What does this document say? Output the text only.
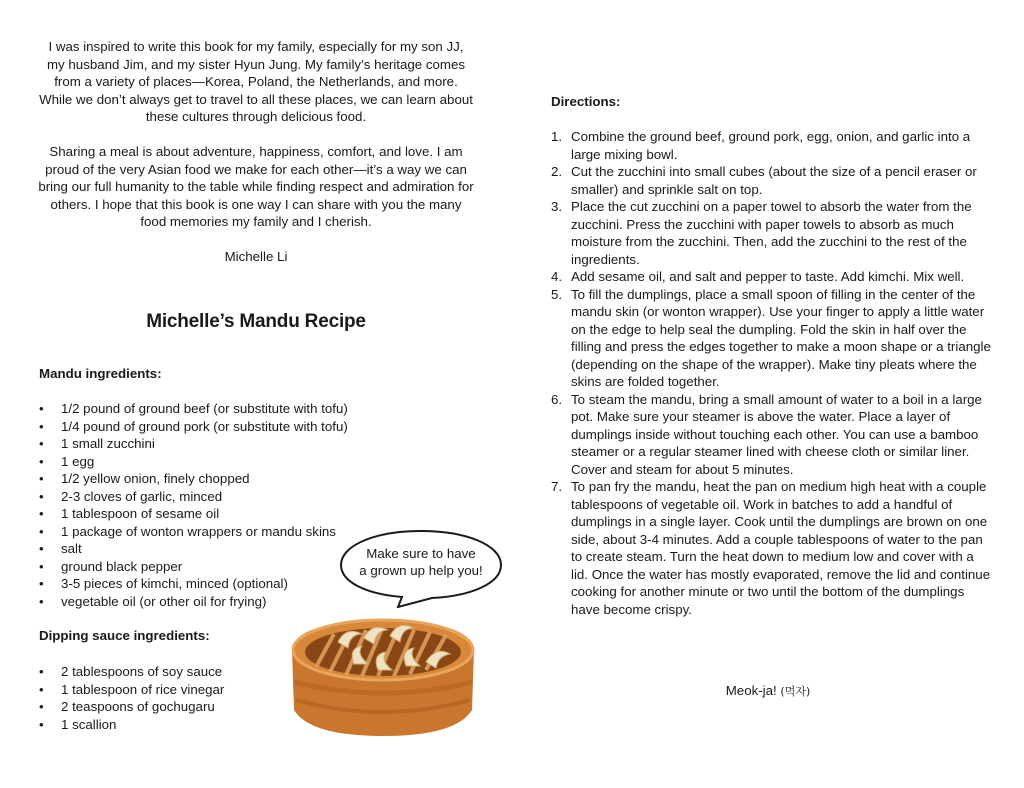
I was inspired to write this book for my family, especially for my son JJ, my husband Jim, and my sister Hyun Jung. My family’s heritage comes from a variety of places—Korea, Poland, the Netherlands, and more. While we don’t always get to travel to all these places, we can learn about these cultures through delicious food.

Sharing a meal is about adventure, happiness, comfort, and love. I am proud of the very Asian food we make for each other—it’s a way we can bring our full humanity to the table while finding respect and admiration for others. I hope that this book is one way I can share with you the many food memories my family and I cherish.

Michelle Li

Michelle’s Mandu Recipe
Mandu ingredients:
• 1/2 pound of ground beef (or substitute with tofu)
• 1/4 pound of ground pork (or substitute with tofu)
• 1 small zucchini
• 1 egg
• 1/2 yellow onion, finely chopped
• 2-3 cloves of garlic, minced
• 1 tablespoon of sesame oil
• 1 package of wonton wrappers or mandu skins
• salt
• ground black pepper
• 3-5 pieces of kimchi, minced (optional)
• vegetable oil (or other oil for frying)
Dipping sauce ingredients:
• 2 tablespoons of soy sauce
• 1 tablespoon of rice vinegar
• 2 teaspoons of gochugaru
• 1 scallion
Make sure to have
a grown up help you!
Directions:
1. Combine the ground beef, ground pork, egg, onion, and garlic into a large mixing bowl.
2. Cut the zucchini into small cubes (about the size of a pencil eraser or smaller) and sprinkle salt on top.
3. Place the cut zucchini on a paper towel to absorb the water from the zucchini. Press the zucchini with paper towels to absorb as much moisture from the zucchini. Then, add the zucchini to the rest of the ingredients.
4. Add sesame oil, and salt and pepper to taste. Add kimchi. Mix well.
5. To fill the dumplings, place a small spoon of filling in the center of the mandu skin (or wonton wrapper). Use your finger to apply a little water on the edge to help seal the dumpling. Fold the skin in half over the filling and press the edges together to make a moon shape or a triangle (depending on the shape of the wrapper). Make tiny pleats where the skins are folded together.
6. To steam the mandu, bring a small amount of water to a boil in a large pot. Make sure your steamer is above the water. Place a layer of dumplings inside without touching each other. You can use a bamboo steamer or a regular steamer lined with cheese cloth or similar liner. Cover and steam for about 5 minutes.
7. To pan fry the mandu, heat the pan on medium high heat with a couple tablespoons of vegetable oil. Work in batches to add a handful of dumplings in a single layer. Cook until the dumplings are brown on one side, about 3-4 minutes. Add a couple tablespoons of water to the pan to create steam. Turn the heat down to medium low and cover with a lid. Once the water has mostly evaporated, remove the lid and continue cooking for another minute or two until the bottom of the dumplings have become crispy.
Meok-ja! (먹자)
